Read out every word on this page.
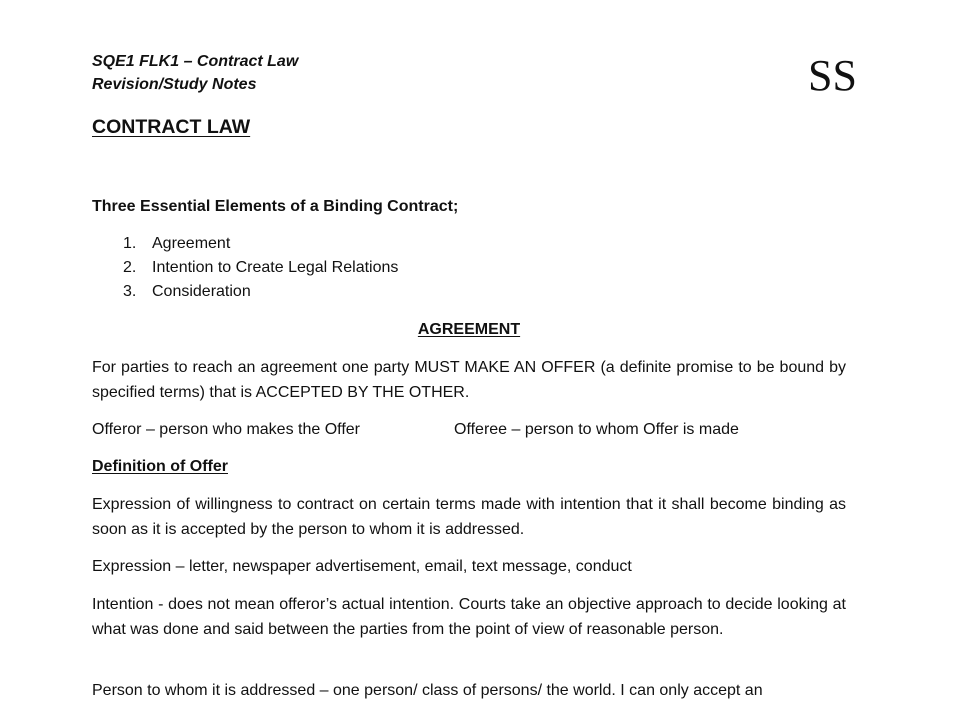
SQE1 FLK1 – Contract Law
Revision/Study Notes	SS
CONTRACT LAW
Three Essential Elements of a Binding Contract;
1. Agreement
2. Intention to Create Legal Relations
3. Consideration
AGREEMENT
For parties to reach an agreement one party MUST MAKE AN OFFER (a definite promise to be bound by specified terms) that is ACCEPTED BY THE OTHER.
Offeror – person who makes the Offer	Offeree – person to whom Offer is made
Definition of Offer
Expression of willingness to contract on certain terms made with intention that it shall become binding as soon as it is accepted by the person to whom it is addressed.
Expression – letter, newspaper advertisement, email, text message, conduct
Intention - does not mean offeror’s actual intention. Courts take an objective approach to decide looking at what was done and said between the parties from the point of view of reasonable person.
Person to whom it is addressed – one person/ class of persons/ the world. I can only accept an
